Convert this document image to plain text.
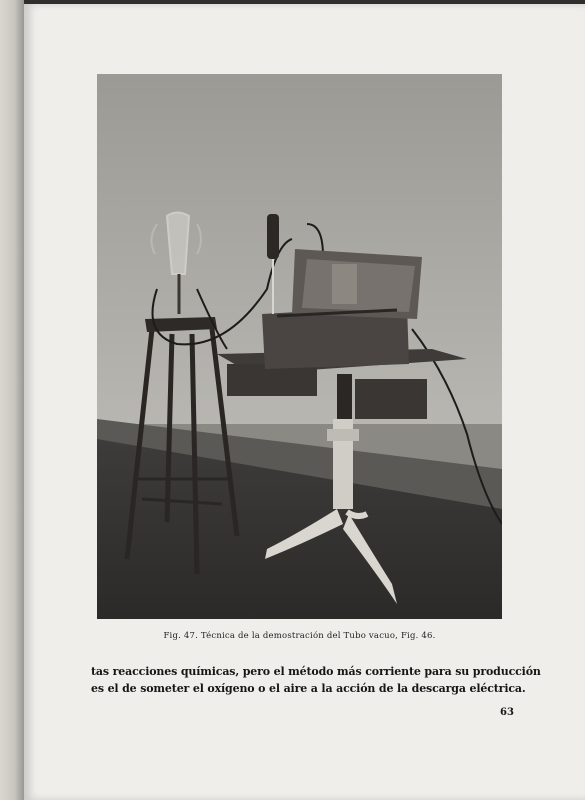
Fig. 47. Técnica de la demostración del Tubo vacuo, Fig. 46.
tas reacciones químicas, pero el método más corriente para su producción
es el de someter el oxígeno o el aire a la acción de la descarga eléctrica.
63
